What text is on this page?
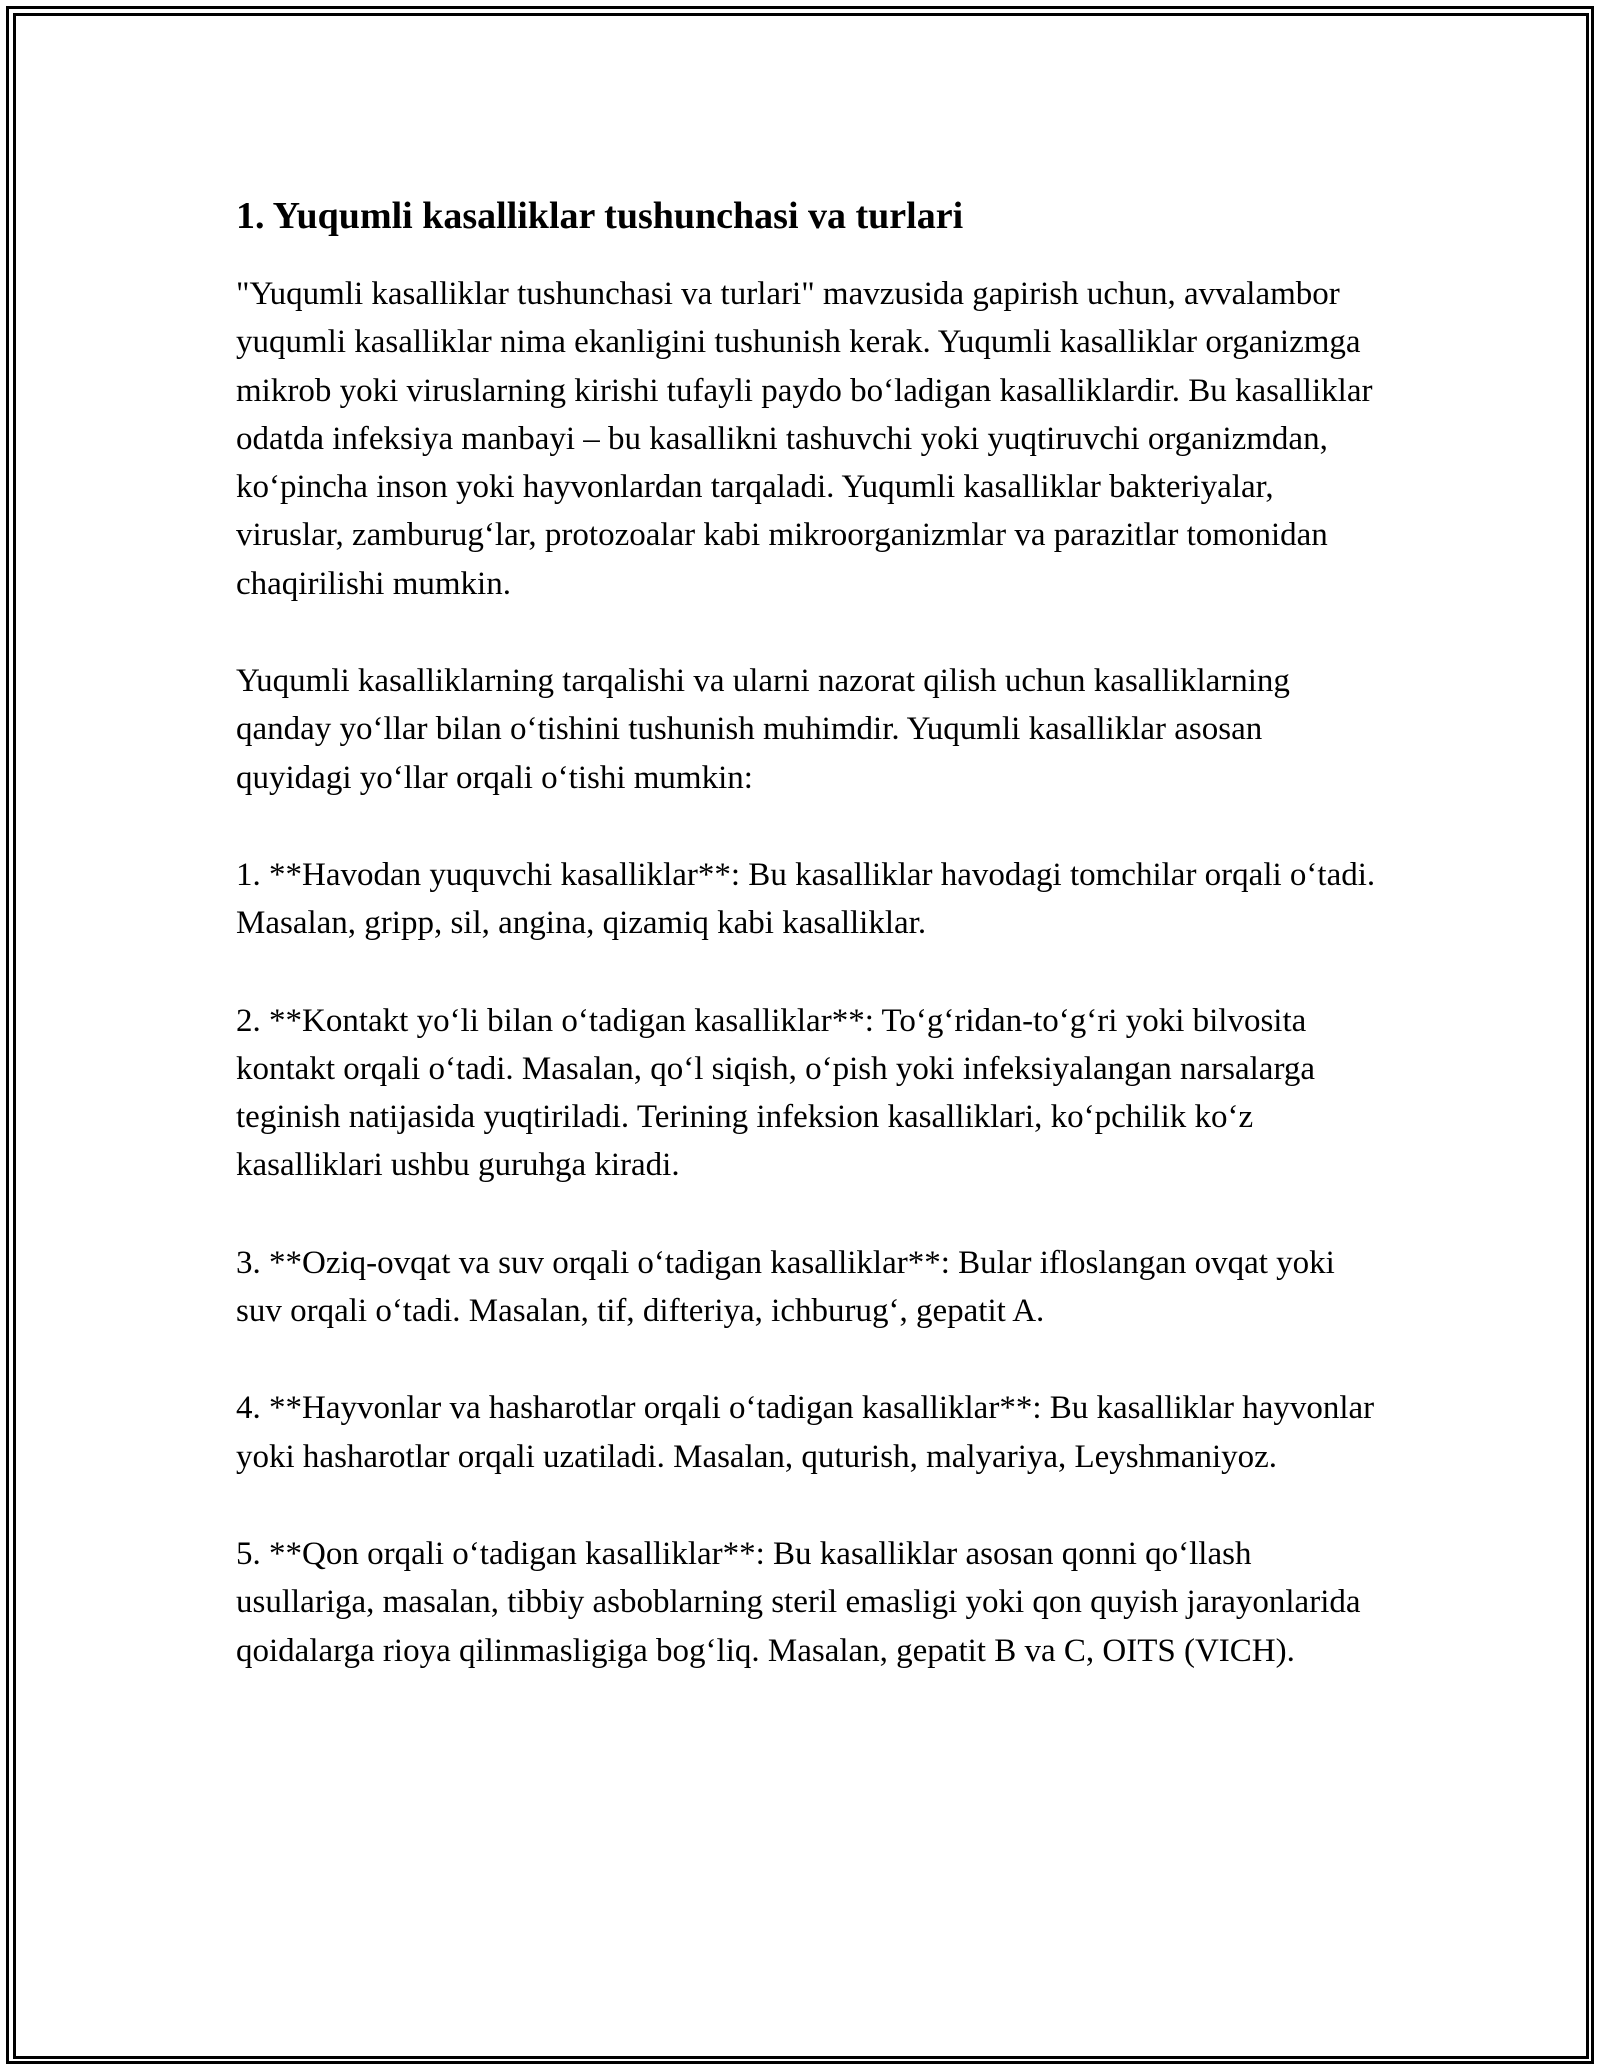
1. Yuqumli kasalliklar tushunchasi va turlari

"Yuqumli kasalliklar tushunchasi va turlari" mavzusida gapirish uchun, avvalambor yuqumli kasalliklar nima ekanligini tushunish kerak. Yuqumli kasalliklar organizmga mikrob yoki viruslarning kirishi tufayli paydo bo‘ladigan kasalliklardir. Bu kasalliklar odatda infeksiya manbayi – bu kasallikni tashuvchi yoki yuqtiruvchi organizmdan, ko‘pincha inson yoki hayvonlardan tarqaladi. Yuqumli kasalliklar bakteriyalar, viruslar, zamburug‘lar, protozoalar kabi mikroorganizmlar va parazitlar tomonidan chaqirilishi mumkin.

Yuqumli kasalliklarning tarqalishi va ularni nazorat qilish uchun kasalliklarning qanday yo‘llar bilan o‘tishini tushunish muhimdir. Yuqumli kasalliklar asosan quyidagi yo‘llar orqali o‘tishi mumkin:

1. **Havodan yuquvchi kasalliklar**: Bu kasalliklar havodagi tomchilar orqali o‘tadi. Masalan, gripp, sil, angina, qizamiq kabi kasalliklar.

2. **Kontakt yo‘li bilan o‘tadigan kasalliklar**: To‘g‘ridan-to‘g‘ri yoki bilvosita kontakt orqali o‘tadi. Masalan, qo‘l siqish, o‘pish yoki infeksiyalangan narsalarga teginish natijasida yuqtiriladi. Terining infeksion kasalliklari, ko‘pchilik ko‘z kasalliklari ushbu guruhga kiradi.

3. **Oziq-ovqat va suv orqali o‘tadigan kasalliklar**: Bular ifloslangan ovqat yoki suv orqali o‘tadi. Masalan, tif, difteriya, ichburug‘, gepatit A.

4. **Hayvonlar va hasharotlar orqali o‘tadigan kasalliklar**: Bu kasalliklar hayvonlar yoki hasharotlar orqali uzatiladi. Masalan, quturish, malyariya, Leyshmaniyoz.

5. **Qon orqali o‘tadigan kasalliklar**: Bu kasalliklar asosan qonni qo‘llash usullariga, masalan, tibbiy asboblarning steril emasligi yoki qon quyish jarayonlarida qoidalarga rioya qilinmasligiga bog‘liq. Masalan, gepatit B va C, OITS (VICH).
